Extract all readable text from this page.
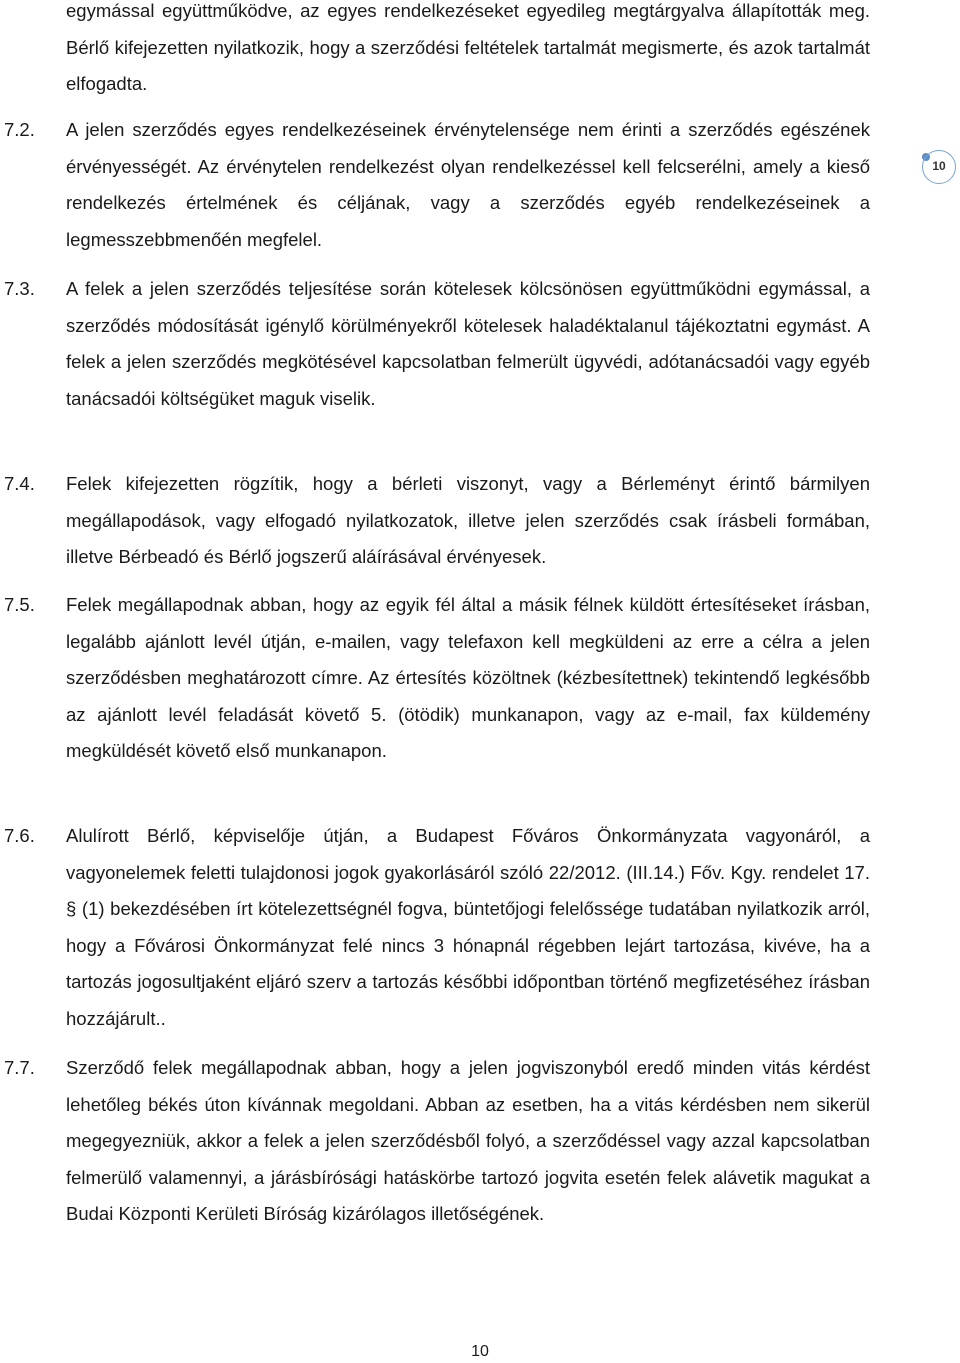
egymással együttműködve, az egyes rendelkezéseket egyedileg megtárgyalva állapították meg. Bérlő kifejezetten nyilatkozik, hogy a szerződési feltételek tartalmát megismerte, és azok tartalmát elfogadta.

10
7.2. A jelen szerződés egyes rendelkezéseinek érvénytelensége nem érinti a szerződés egészének érvényességét. Az érvénytelen rendelkezést olyan rendelkezéssel kell felcserélni, amely a kieső rendelkezés értelmének és céljának, vagy a szerződés egyéb rendelkezéseinek a legmesszebbmenőén megfelel.

7.3. A felek a jelen szerződés teljesítése során kötelesek kölcsönösen együttműködni egymással, a szerződés módosítását igénylő körülményekről kötelesek haladéktalanul tájékoztatni egymást. A felek a jelen szerződés megkötésével kapcsolatban felmerült ügyvédi, adótanácsadói vagy egyéb tanácsadói költségüket maguk viselik.

7.4. Felek kifejezetten rögzítik, hogy a bérleti viszonyt, vagy a Bérleményt érintő bármilyen megállapodások, vagy elfogadó nyilatkozatok, illetve jelen szerződés csak írásbeli formában, illetve Bérbeadó és Bérlő jogszerű aláírásával érvényesek.

7.5. Felek megállapodnak abban, hogy az egyik fél által a másik félnek küldött értesítéseket írásban, legalább ajánlott levél útján, e-mailen, vagy telefaxon kell megküldeni az erre a célra a jelen szerződésben meghatározott címre. Az értesítés közöltnek (kézbesítettnek) tekintendő legkésőbb az ajánlott levél feladását követő 5. (ötödik) munkanapon, vagy az e-mail, fax küldemény megküldését követő első munkanapon.

7.6. Alulírott Bérlő, képviselője útján, a Budapest Főváros Önkormányzata vagyonáról, a vagyonelemek feletti tulajdonosi jogok gyakorlásáról szóló 22/2012. (III.14.) Főv. Kgy. rendelet 17. § (1) bekezdésében írt kötelezettségnél fogva, büntetőjogi felelőssége tudatában nyilatkozik arról, hogy a Fővárosi Önkormányzat felé nincs 3 hónapnál régebben lejárt tartozása, kivéve, ha a tartozás jogosultjaként eljáró szerv a tartozás későbbi időpontban történő megfizetéséhez írásban hozzájárult..

7.7. Szerződő felek megállapodnak abban, hogy a jelen jogviszonyból eredő minden vitás kérdést lehetőleg békés úton kívánnak megoldani. Abban az esetben, ha a vitás kérdésben nem sikerül megegyezniük, akkor a felek a jelen szerződésből folyó, a szerződéssel vagy azzal kapcsolatban felmerülő valamennyi, a járásbírósági hatáskörbe tartozó jogvita esetén felek alávetik magukat a Budai Központi Kerületi Bíróság kizárólagos illetőségének.

10
